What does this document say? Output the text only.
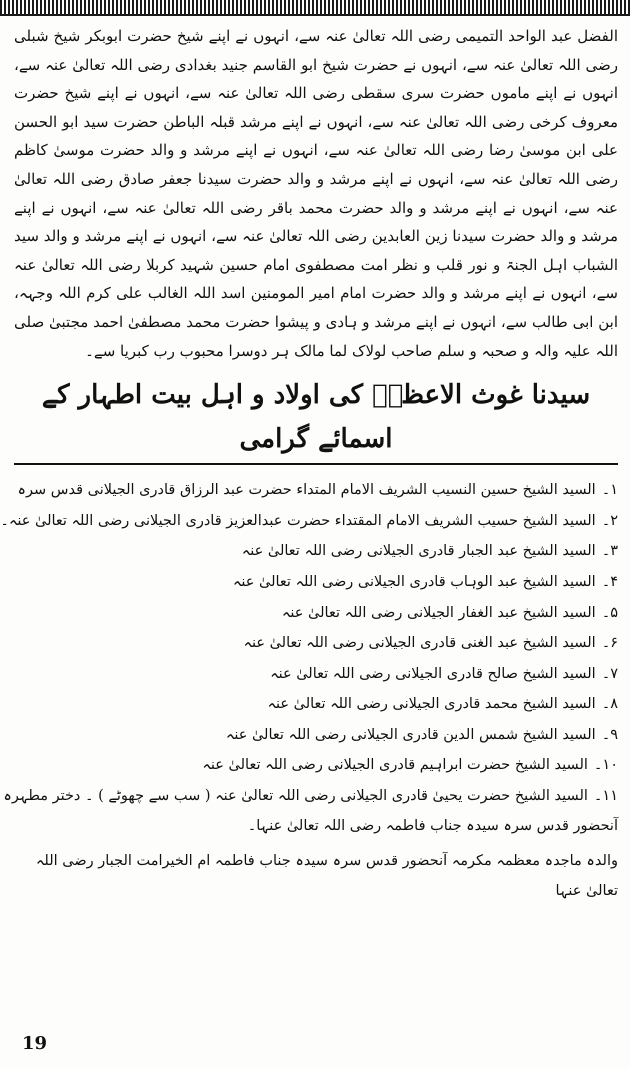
الفضل عبد الواحد التمیمی رضی اللہ تعالیٰ عنہ سے، انہوں نے اپنے شیخ حضرت ابوبکر شیخ شبلی رضی اللہ تعالیٰ عنہ سے، انہوں نے حضرت شیخ ابو القاسم جنید بغدادی رضی اللہ تعالیٰ عنہ سے، انہوں نے اپنے ماموں حضرت سری سقطی رضی اللہ تعالیٰ عنہ سے، انہوں نے اپنے شیخ حضرت معروف کرخی رضی اللہ تعالیٰ عنہ سے، انہوں نے اپنے مرشد قبلہ الباطن حضرت سید ابو الحسن علی ابن موسیٰ رضا رضی اللہ تعالیٰ عنہ سے، انہوں نے اپنے مرشد و والد حضرت موسیٰ کاظم رضی اللہ تعالیٰ عنہ سے، انہوں نے اپنے مرشد و والد حضرت سیدنا جعفر صادق رضی اللہ تعالیٰ عنہ سے، انہوں نے اپنے مرشد و والد حضرت محمد باقر رضی اللہ تعالیٰ عنہ سے، انہوں نے اپنے مرشد و والد حضرت سیدنا زین العابدین رضی اللہ تعالیٰ عنہ سے، انہوں نے اپنے مرشد و والد سید الشباب اہل الجنۃ و نور قلب و نظر امت مصطفوی امام حسین شہید کربلا رضی اللہ تعالیٰ عنہ سے، انہوں نے اپنے مرشد و والد حضرت امام امیر المومنین اسد اللہ الغالب علی کرم اللہ وجہہ، ابن ابی طالب سے، انہوں نے اپنے مرشد و ہادی و پیشوا حضرت محمد مصطفیٰ احمد مجتبیٰ صلی اللہ علیہ والہ و صحبہ و سلم صاحب لولاک لما مالک ہر دوسرا محبوب رب کبریا سے۔

سیدنا غوث الاعظمؓ کی اولاد و اہل بیت اطہار کے اسمائے گرامی
۱۔السید الشیخ حسین النسیب الشریف الامام المتداء حضرت عبد الرزاق قادری الجیلانی قدس سرہ
۲۔السید الشیخ حسیب الشریف الامام المقتداء حضرت عبدالعزیز قادری الجیلانی رضی اللہ تعالیٰ عنہ۔
۳۔السید الشیخ عبد الجبار قادری الجیلانی رضی اللہ تعالیٰ عنہ
۴۔السید الشیخ عبد الوہاب قادری الجیلانی رضی اللہ تعالیٰ عنہ
۵۔السید الشیخ عبد الغفار الجیلانی رضی اللہ تعالیٰ عنہ
۶۔السید الشیخ عبد الغنی قادری الجیلانی رضی اللہ تعالیٰ عنہ
۷۔السید الشیخ صالح قادری الجیلانی رضی اللہ تعالیٰ عنہ
۸۔السید الشیخ محمد قادری الجیلانی رضی اللہ تعالیٰ عنہ
۹۔السید الشیخ شمس الدین قادری الجیلانی رضی اللہ تعالیٰ عنہ
۱۰۔السید الشیخ حضرت ابراہیم قادری الجیلانی رضی اللہ تعالیٰ عنہ
۱۱۔السید الشیخ حضرت یحییٰ قادری الجیلانی رضی اللہ تعالیٰ عنہ ( سب سے چھوٹے ) ۔ دختر مطہرہ

آنحضور قدس سرہ سیدہ جناب فاطمہ رضی اللہ تعالیٰ عنہا۔

والدہ ماجدہ معظمہ مکرمہ آنحضور قدس سرہ سیدہ جناب فاطمہ ام الخیرامت الجبار رضی اللہ تعالیٰ عنہا

19
